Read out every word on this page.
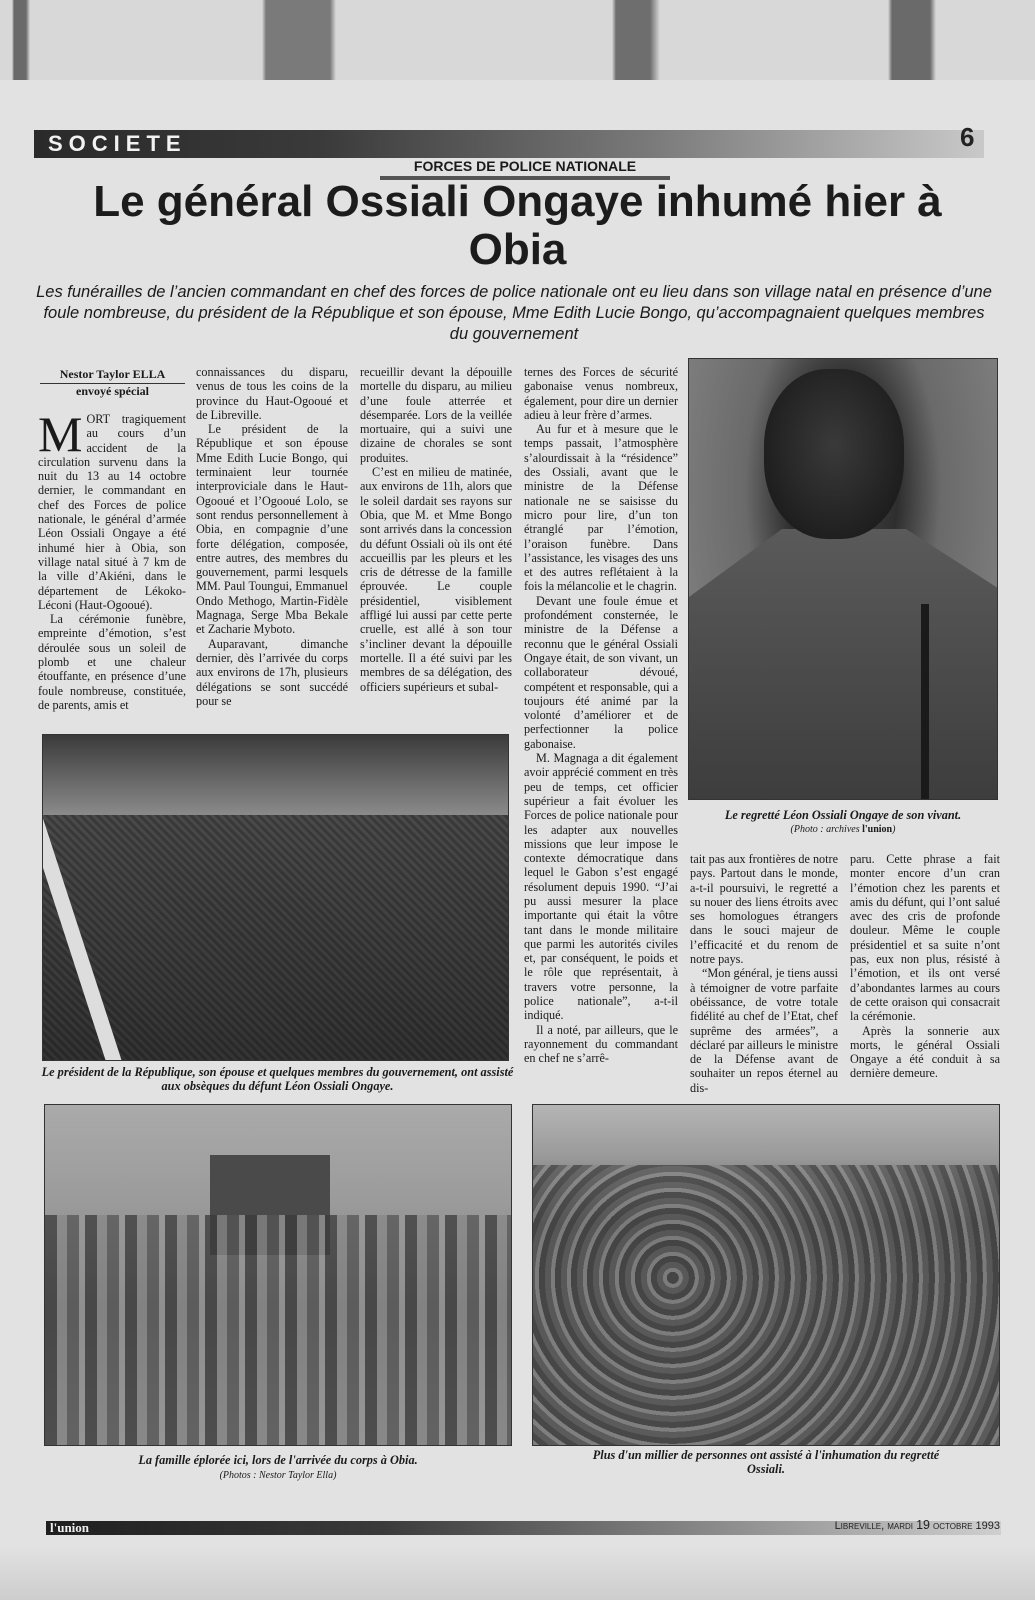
SOCIETE	6
FORCES DE POLICE NATIONALE
Le général Ossiali Ongaye inhumé hier à Obia
Les funérailles de l’ancien commandant en chef des forces de police nationale ont eu lieu dans son village natal en présence d’une foule nombreuse, du président de la République et son épouse, Mme Edith Lucie Bongo, qu’accompagnaient quelques membres du gouvernement
Nestor Taylor ELLA
envoyé spécial

MORT tragiquement au cours d’un accident de la circulation survenu dans la nuit du 13 au 14 octobre dernier, le commandant en chef des Forces de police nationale, le général d’armée Léon Ossiali Ongaye a été inhumé hier à Obia, son village natal situé à 7 km de la ville d’Akiéni, dans le département de Lékoko-Léconi (Haut-Ogooué).

La cérémonie funèbre, empreinte d’émotion, s’est déroulée sous un soleil de plomb et une chaleur étouffante, en présence d’une foule nombreuse, constituée, de parents, amis et

connaissances du disparu, venus de tous les coins de la province du Haut-Ogooué et de Libreville.

Le président de la République et son épouse Mme Edith Lucie Bongo, qui terminaient leur tournée interproviciale dans le Haut-Ogooué et l’Ogooué Lolo, se sont rendus personnellement à Obia, en compagnie d’une forte délégation, composée, entre autres, des membres du gouvernement, parmi lesquels MM. Paul Toungui, Emmanuel Ondo Methogo, Martin-Fidèle Magnaga, Serge Mba Bekale et Zacharie Myboto.

Auparavant, dimanche dernier, dès l’arrivée du corps aux environs de 17h, plusieurs délégations se sont succédé pour se

recueillir devant la dépouille mortelle du disparu, au milieu d’une foule atterrée et désemparée. Lors de la veillée mortuaire, qui a suivi une dizaine de chorales se sont produites.

C’est en milieu de matinée, aux environs de 11h, alors que le soleil dardait ses rayons sur Obia, que M. et Mme Bongo sont arrivés dans la concession du défunt Ossiali où ils ont été accueillis par les pleurs et les cris de détresse de la famille éprouvée. Le couple présidentiel, visiblement affligé lui aussi par cette perte cruelle, est allé à son tour s’incliner devant la dépouille mortelle. Il a été suivi par les membres de sa délégation, des officiers supérieurs et subal-

ternes des Forces de sécurité gabonaise venus nombreux, également, pour dire un dernier adieu à leur frère d’armes.

Au fur et à mesure que le temps passait, l’atmosphère s’alourdissait à la “résidence” des Ossiali, avant que le ministre de la Défense nationale ne se saisisse du micro pour lire, d’un ton étranglé par l’émotion, l’oraison funèbre. Dans l’assistance, les visages des uns et des autres reflétaient à la fois la mélancolie et le chagrin.

Devant une foule émue et profondément consternée, le ministre de la Défense a reconnu que le général Ossiali Ongaye était, de son vivant, un collaborateur dévoué, compétent et responsable, qui a toujours été animé par la volonté d’améliorer et de perfectionner la police gabonaise.

M. Magnaga a dit également avoir apprécié comment en très peu de temps, cet officier supérieur a fait évoluer les Forces de police nationale pour les adapter aux nouvelles missions que leur impose le contexte démocratique dans lequel le Gabon s’est engagé résolument depuis 1990. “J’ai pu aussi mesurer la place importante qui était la vôtre tant dans le monde militaire que parmi les autorités civiles et, par conséquent, le poids et le rôle que représentait, à travers votre personne, la police nationale”, a-t-il indiqué.

Il a noté, par ailleurs, que le rayonnement du commandant en chef ne s’arrê-

tait pas aux frontières de notre pays. Partout dans le monde, a-t-il poursuivi, le regretté a su nouer des liens étroits avec ses homologues étrangers dans le souci majeur de l’efficacité et du renom de notre pays.

“Mon général, je tiens aussi à témoigner de votre parfaite obéissance, de votre totale fidélité au chef de l’Etat, chef suprême des armées”, a déclaré par ailleurs le ministre de la Défense avant de souhaiter un repos éternel au dis-

paru. Cette phrase a fait monter encore d’un cran l’émotion chez les parents et amis du défunt, qui l’ont salué avec des cris de profonde douleur. Même le couple présidentiel et sa suite n’ont pas, eux non plus, résisté à l’émotion, et ils ont versé d’abondantes larmes au cours de cette oraison qui consacrait la cérémonie.

Après la sonnerie aux morts, le général Ossiali Ongaye a été conduit à sa dernière demeure.

Le regretté Léon Ossiali Ongaye de son vivant.
(Photo : archives l'union)
Le président de la République, son épouse et quelques membres du gouvernement, ont assisté aux obsèques du défunt Léon Ossiali Ongaye.
La famille éplorée ici, lors de l'arrivée du corps à Obia.
(Photos : Nestor Taylor Ella)
Plus d'un millier de personnes ont assisté à l'inhumation du regretté Ossiali.
l'union	Libreville, mardi 19 octobre 1993
